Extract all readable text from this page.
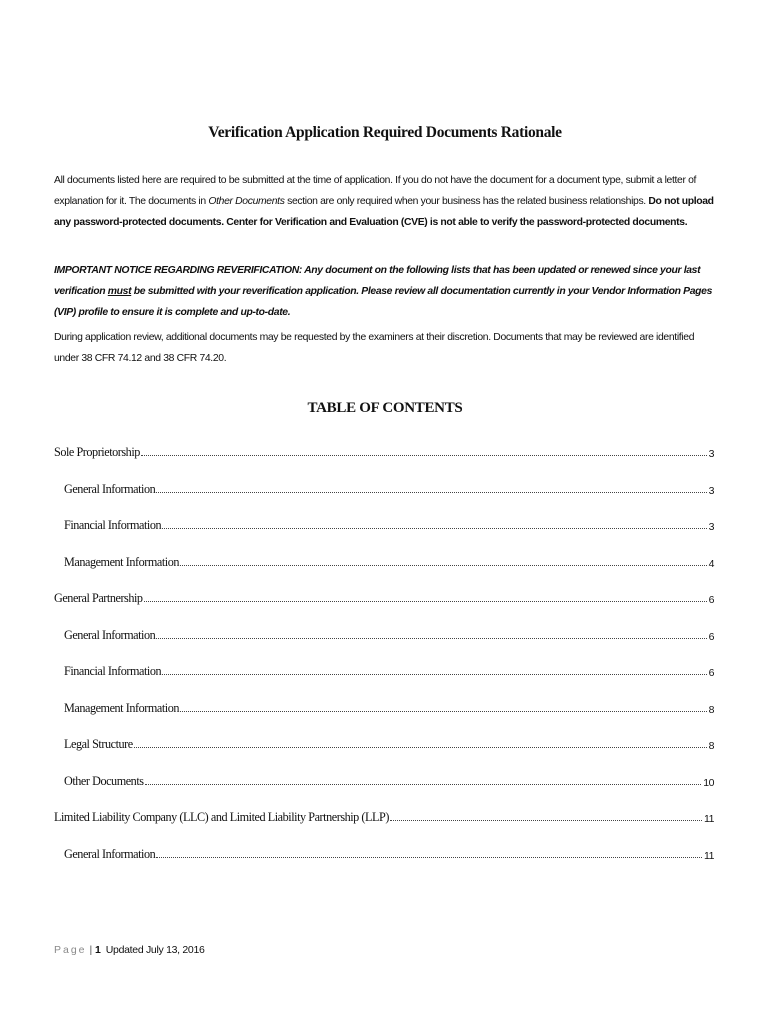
Verification Application Required Documents Rationale

All documents listed here are required to be submitted at the time of application. If you do not have the document for a document type, submit a letter of explanation for it. The documents in Other Documents section are only required when your business has the related business relationships. Do not upload any password-protected documents. Center for Verification and Evaluation (CVE) is not able to verify the password-protected documents.

IMPORTANT NOTICE REGARDING REVERIFICATION: Any document on the following lists that has been updated or renewed since your last verification must be submitted with your reverification application. Please review all documentation currently in your Vendor Information Pages (VIP) profile to ensure it is complete and up-to-date.

During application review, additional documents may be requested by the examiners at their discretion. Documents that may be reviewed are identified under 38 CFR 74.12 and 38 CFR 74.20.

TABLE OF CONTENTS
Sole Proprietorship	3
General Information	3
Financial Information	3
Management Information	4
General Partnership	6
General Information	6
Financial Information	6
Management Information	8
Legal Structure	8
Other Documents	10
Limited Liability Company (LLC) and Limited Liability Partnership (LLP)	11
General Information	11
Page | 1 Updated July 13, 2016
